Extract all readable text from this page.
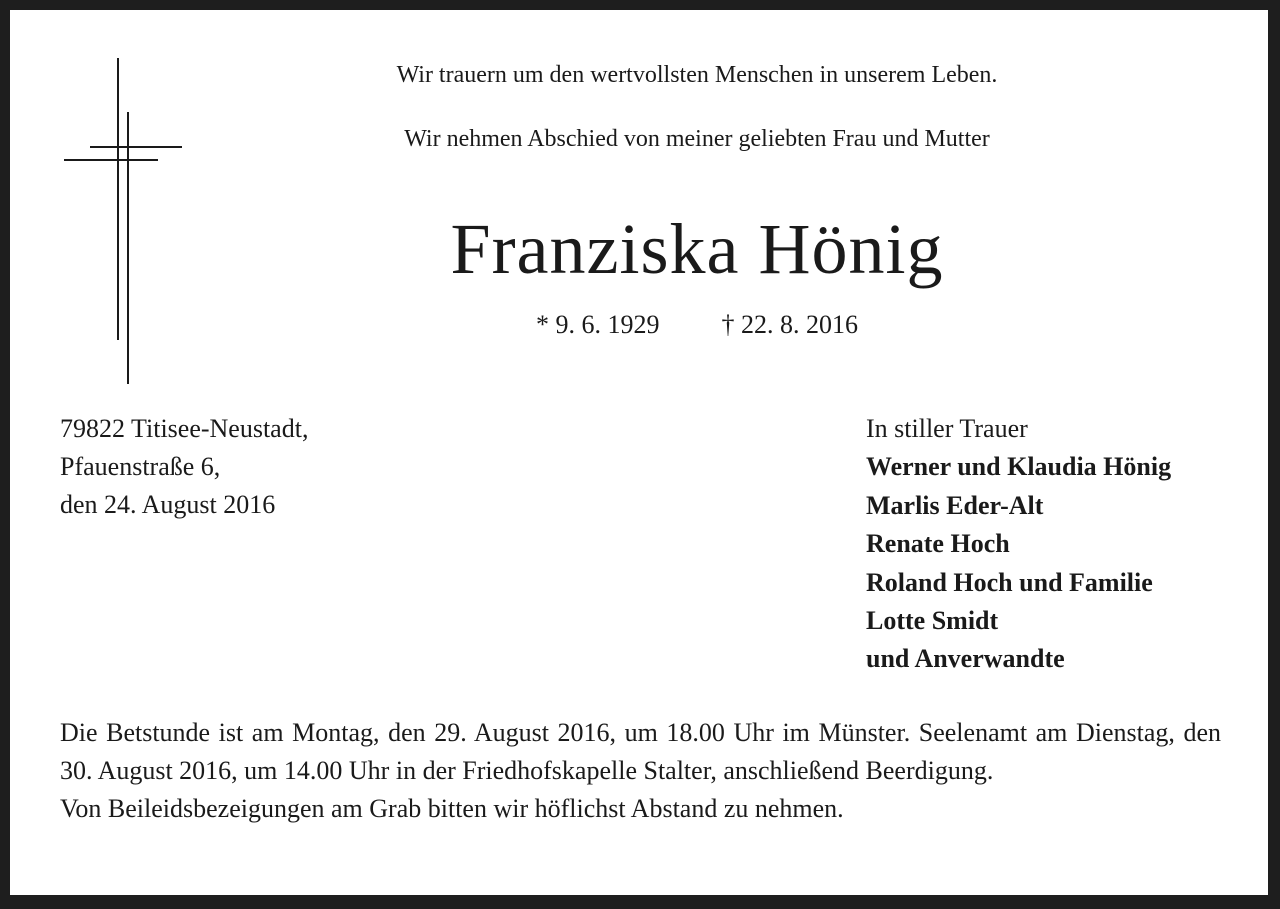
Wir trauern um den wertvollsten Menschen in unserem Leben.
Wir nehmen Abschied von meiner geliebten Frau und Mutter
Franziska Hönig
* 9. 6. 1929 † 22. 8. 2016
79822 Titisee-Neustadt,
Pfauenstraße 6,
den 24. August 2016
In stiller Trauer
Werner und Klaudia Hönig
Marlis Eder-Alt
Renate Hoch
Roland Hoch und Familie
Lotte Smidt
und Anverwandte
Die Betstunde ist am Montag, den 29. August 2016, um 18.00 Uhr im Münster. Seelenamt am Dienstag, den 30. August 2016, um 14.00 Uhr in der Friedhofskapelle Stalter, anschließend Beerdigung.
Von Beileidsbezeigungen am Grab bitten wir höflichst Abstand zu nehmen.
